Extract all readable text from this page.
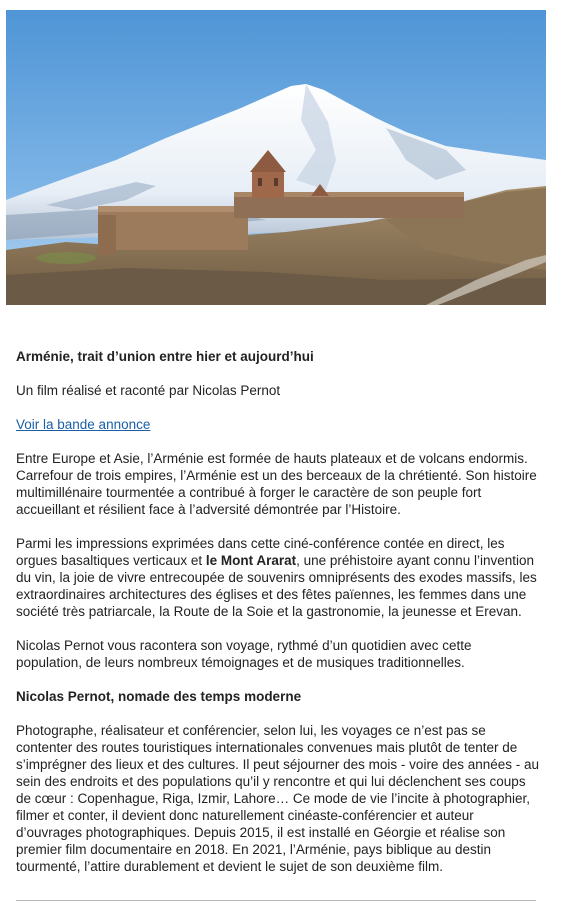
Arménie, trait d’union entre hier et aujourd’hui

Un film réalisé et raconté par Nicolas Pernot

Voir la bande annonce

Entre Europe et Asie, l’Arménie est formée de hauts plateaux et de volcans endormis. Carrefour de trois empires, l’Arménie est un des berceaux de la chrétienté. Son histoire multimillénaire tourmentée a contribué à forger le caractère de son peuple fort accueillant et résilient face à l’adversité démontrée par l’Histoire.

Parmi les impressions exprimées dans cette ciné-conférence contée en direct, les orgues basaltiques verticaux et le Mont Ararat, une préhistoire ayant connu l’invention du vin, la joie de vivre entrecoupée de souvenirs omniprésents des exodes massifs, les extraordinaires architectures des églises et des fêtes païennes, les femmes dans une société très patriarcale, la Route de la Soie et la gastronomie, la jeunesse et Erevan.

Nicolas Pernot vous racontera son voyage, rythmé d’un quotidien avec cette population, de leurs nombreux témoignages et de musiques traditionnelles.

Nicolas Pernot, nomade des temps moderne

Photographe, réalisateur et conférencier, selon lui, les voyages ce n’est pas se contenter des routes touristiques internationales convenues mais plutôt de tenter de s’imprégner des lieux et des cultures. Il peut séjourner des mois - voire des années - au sein des endroits et des populations qu’il y rencontre et qui lui déclenchent ses coups de cœur : Copenhague, Riga, Izmir, Lahore… Ce mode de vie l’incite à photographier, filmer et conter, il devient donc naturellement cinéaste-conférencier et auteur d’ouvrages photographiques. Depuis 2015, il est installé en Géorgie et réalise son premier film documentaire en 2018. En 2021, l’Arménie, pays biblique au destin tourmenté, l’attire durablement et devient le sujet de son deuxième film.
